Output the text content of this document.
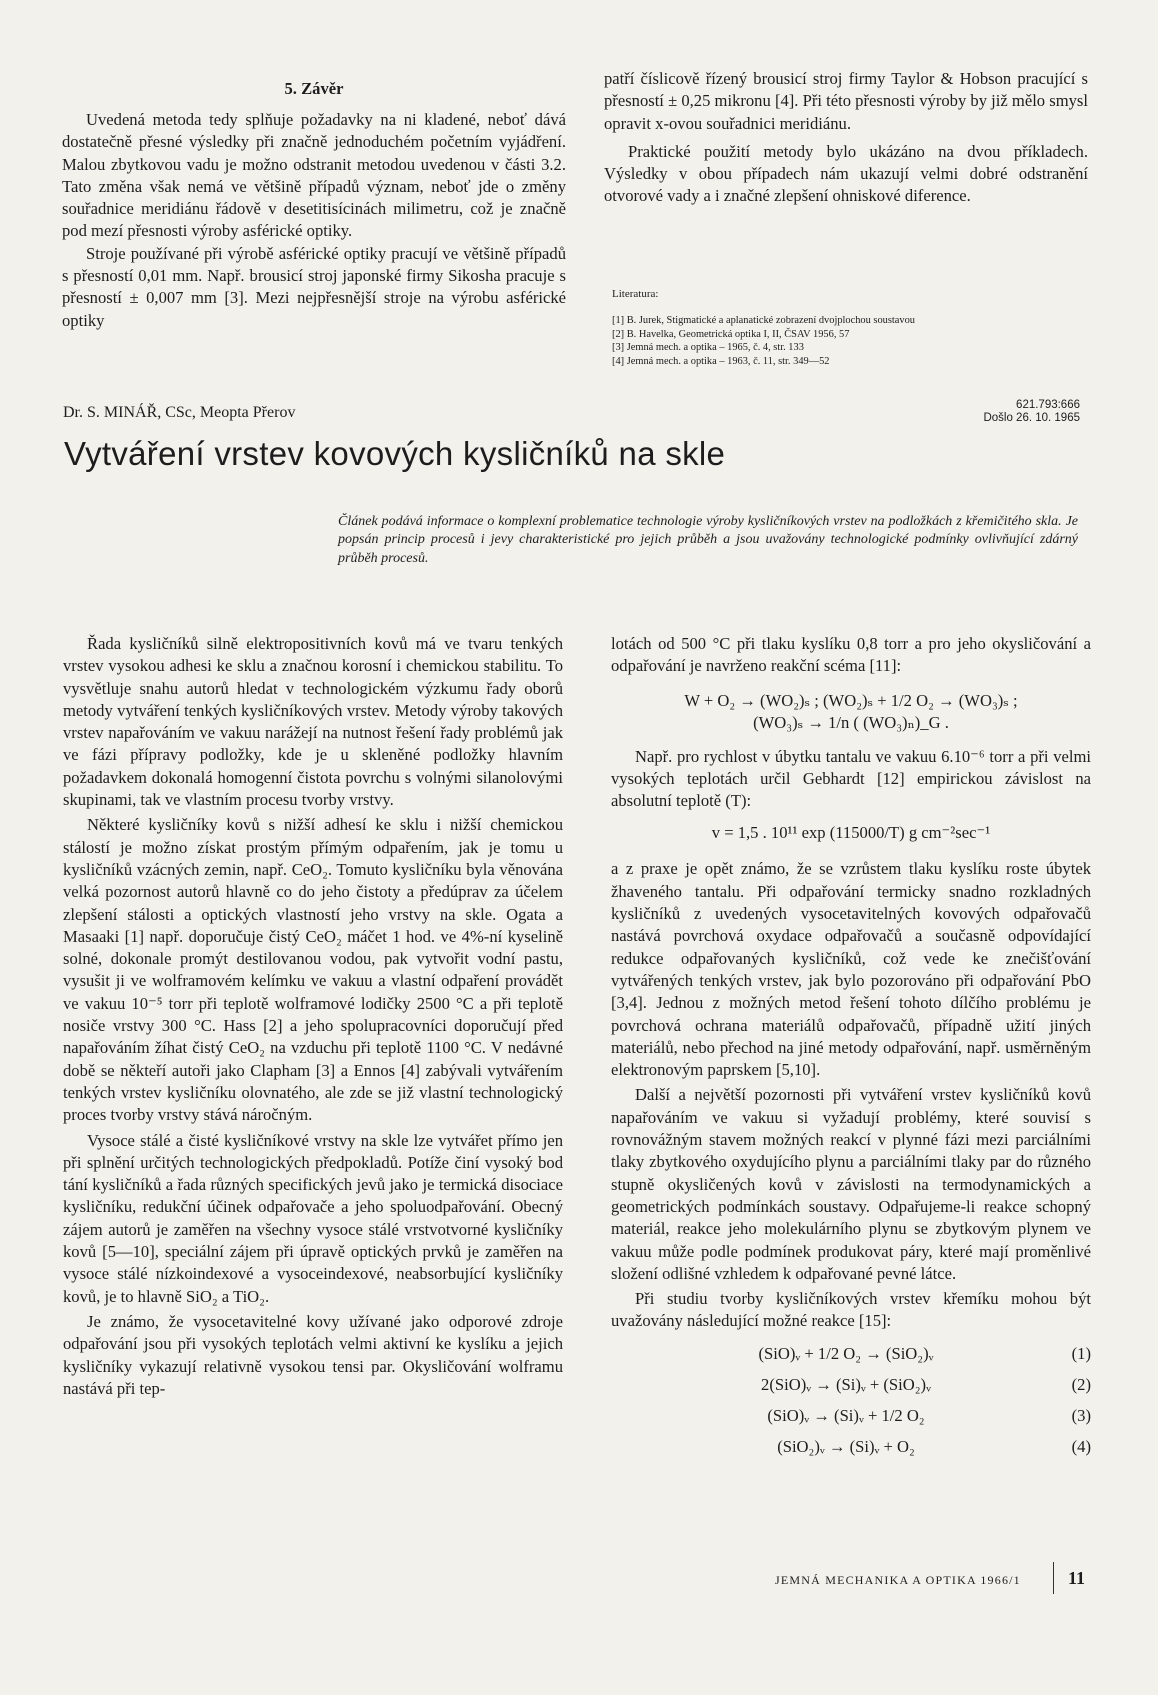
5. Závěr

Uvedená metoda tedy splňuje požadavky na ni kladené, neboť dává dostatečně přesné výsledky při značně jednoduchém početním vyjádření. Malou zbytkovou vadu je možno odstranit metodou uvedenou v části 3.2. Tato změna však nemá ve většině případů význam, neboť jde o změny souřadnice meridiánu řádově v desetitisícinách milimetru, což je značně pod mezí přesnosti výroby asférické optiky.

Stroje používané při výrobě asférické optiky pracují ve většině případů s přesností 0,01 mm. Např. brousicí stroj japonské firmy Sikosha pracuje s přesností ± 0,007 mm [3]. Mezi nejpřesnější stroje na výrobu asférické optiky

patří číslicově řízený brousicí stroj firmy Taylor & Hobson pracující s přesností ± 0,25 mikronu [4]. Při této přesnosti výroby by již mělo smysl opravit x-ovou souřadnici meridiánu.

Praktické použití metody bylo ukázáno na dvou příkladech. Výsledky v obou případech nám ukazují velmi dobré odstranění otvorové vady a i značné zlepšení ohniskové diference.

Literatura:

[1] B. Jurek, Stigmatické a aplanatické zobrazení dvojplochou soustavou
[2] B. Havelka, Geometrická optika I, II, ČSAV 1956, 57
[3] Jemná mech. a optika – 1965, č. 4, str. 133
[4] Jemná mech. a optika – 1963, č. 11, str. 349—52

Dr. S. MINÁŘ, CSc, Meopta Přerov	621.793:666
Došlo 26. 10. 1965
Vytváření vrstev kovových kysličníků na skle

Článek podává informace o komplexní problematice technologie výroby kysličníkových vrstev na podložkách z křemičitého skla. Je popsán princip procesů i jevy charakteristické pro jejich průběh a jsou uvažovány technologické podmínky ovlivňující zdárný průběh procesů.

Řada kysličníků silně elektropositivních kovů má ve tvaru tenkých vrstev vysokou adhesi ke sklu a značnou korosní i chemickou stabilitu. To vysvětluje snahu autorů hledat v technologickém výzkumu řady oborů metody vytváření tenkých kysličníkových vrstev. Metody výroby takových vrstev napařováním ve vakuu narážejí na nutnost řešení řady problémů jak ve fázi přípravy podložky, kde je u skleněné podložky hlavním požadavkem dokonalá homogenní čistota povrchu s volnými silanolovými skupinami, tak ve vlastním procesu tvorby vrstvy.

Některé kysličníky kovů s nižší adhesí ke sklu i nižší chemickou stálostí je možno získat prostým přímým odpařením, jak je tomu u kysličníků vzácných zemin, např. CeO₂. Tomuto kysličníku byla věnována velká pozornost autorů hlavně co do jeho čistoty a předúprav za účelem zlepšení stálosti a optických vlastností jeho vrstvy na skle. Ogata a Masaaki [1] např. doporučuje čistý CeO₂ máčet 1 hod. ve 4%-ní kyselině solné, dokonale promýt destilovanou vodou, pak vytvořit vodní pastu, vysušit ji ve wolframovém kelímku ve vakuu a vlastní odpaření provádět ve vakuu 10⁻⁵ torr při teplotě wolframové lodičky 2500 °C a při teplotě nosiče vrstvy 300 °C. Hass [2] a jeho spolupracovníci doporučují před napařováním žíhat čistý CeO₂ na vzduchu při teplotě 1100 °C. V nedávné době se někteří autoři jako Clapham [3] a Ennos [4] zabývali vytvářením tenkých vrstev kysličníku olovnatého, ale zde se již vlastní technologický proces tvorby vrstvy stává náročným.

Vysoce stálé a čisté kysličníkové vrstvy na skle lze vytvářet přímo jen při splnění určitých technologických předpokladů. Potíže činí vysoký bod tání kysličníků a řada různých specifických jevů jako je termická disociace kysličníku, redukční účinek odpařovače a jeho spoluodpařování. Obecný zájem autorů je zaměřen na všechny vysoce stálé vrstvotvorné kysličníky kovů [5—10], speciální zájem při úpravě optických prvků je zaměřen na vysoce stálé nízkoindexové a vysoceindexové, neabsorbující kysličníky kovů, je to hlavně SiO₂ a TiO₂.

Je známo, že vysocetavitelné kovy užívané jako odporové zdroje odpařování jsou při vysokých teplotách velmi aktivní ke kyslíku a jejich kysličníky vykazují relativně vysokou tensi par. Okysličování wolframu nastává při tep-

lotách od 500 °C při tlaku kyslíku 0,8 torr a pro jeho okysličování a odpařování je navrženo reakční scéma [11]:

W + O₂ → (WO₂)ₛ ; (WO₂)ₛ + 1/2 O₂ → (WO₃)ₛ ;

(WO₃)ₛ → 1/n ( (WO₃)ₙ)_G .

Např. pro rychlost v úbytku tantalu ve vakuu 6.10⁻⁶ torr a při velmi vysokých teplotách určil Gebhardt [12] empirickou závislost na absolutní teplotě (T):

v = 1,5 . 10¹¹ exp (115000/T) g cm⁻²sec⁻¹

a z praxe je opět známo, že se vzrůstem tlaku kyslíku roste úbytek žhaveného tantalu. Při odpařování termicky snadno rozkladných kysličníků z uvedených vysocetavitelných kovových odpařovačů nastává povrchová oxydace odpařovačů a současně odpovídající redukce odpařovaných kysličníků, což vede ke znečišťování vytvářených tenkých vrstev, jak bylo pozorováno při odpařování PbO [3,4]. Jednou z možných metod řešení tohoto dílčího problému je povrchová ochrana materiálů odpařovačů, případně užití jiných materiálů, nebo přechod na jiné metody odpařování, např. usměrněným elektronovým paprskem [5,10].

Další a největší pozornosti při vytváření vrstev kysličníků kovů napařováním ve vakuu si vyžadují problémy, které souvisí s rovnovážným stavem možných reakcí v plynné fázi mezi parciálními tlaky zbytkového oxydujícího plynu a parciálními tlaky par do různého stupně okysličených kovů v závislosti na termodynamických a geometrických podmínkách soustavy. Odpařujeme-li reakce schopný materiál, reakce jeho molekulárního plynu se zbytkovým plynem ve vakuu může podle podmínek produkovat páry, které mají proměnlivé složení odlišné vzhledem k odpařované pevné látce.

Při studiu tvorby kysličníkových vrstev křemíku mohou být uvažovány následující možné reakce [15]:

(SiO)ᵥ + 1/2 O₂ → (SiO₂)ᵥ	(1)
2(SiO)ᵥ → (Si)ᵥ + (SiO₂)ᵥ	(2)
(SiO)ᵥ → (Si)ᵥ + 1/2 O₂	(3)
(SiO₂)ᵥ → (Si)ᵥ + O₂	(4)
JEMNÁ MECHANIKA A OPTIKA 1966/1	11
